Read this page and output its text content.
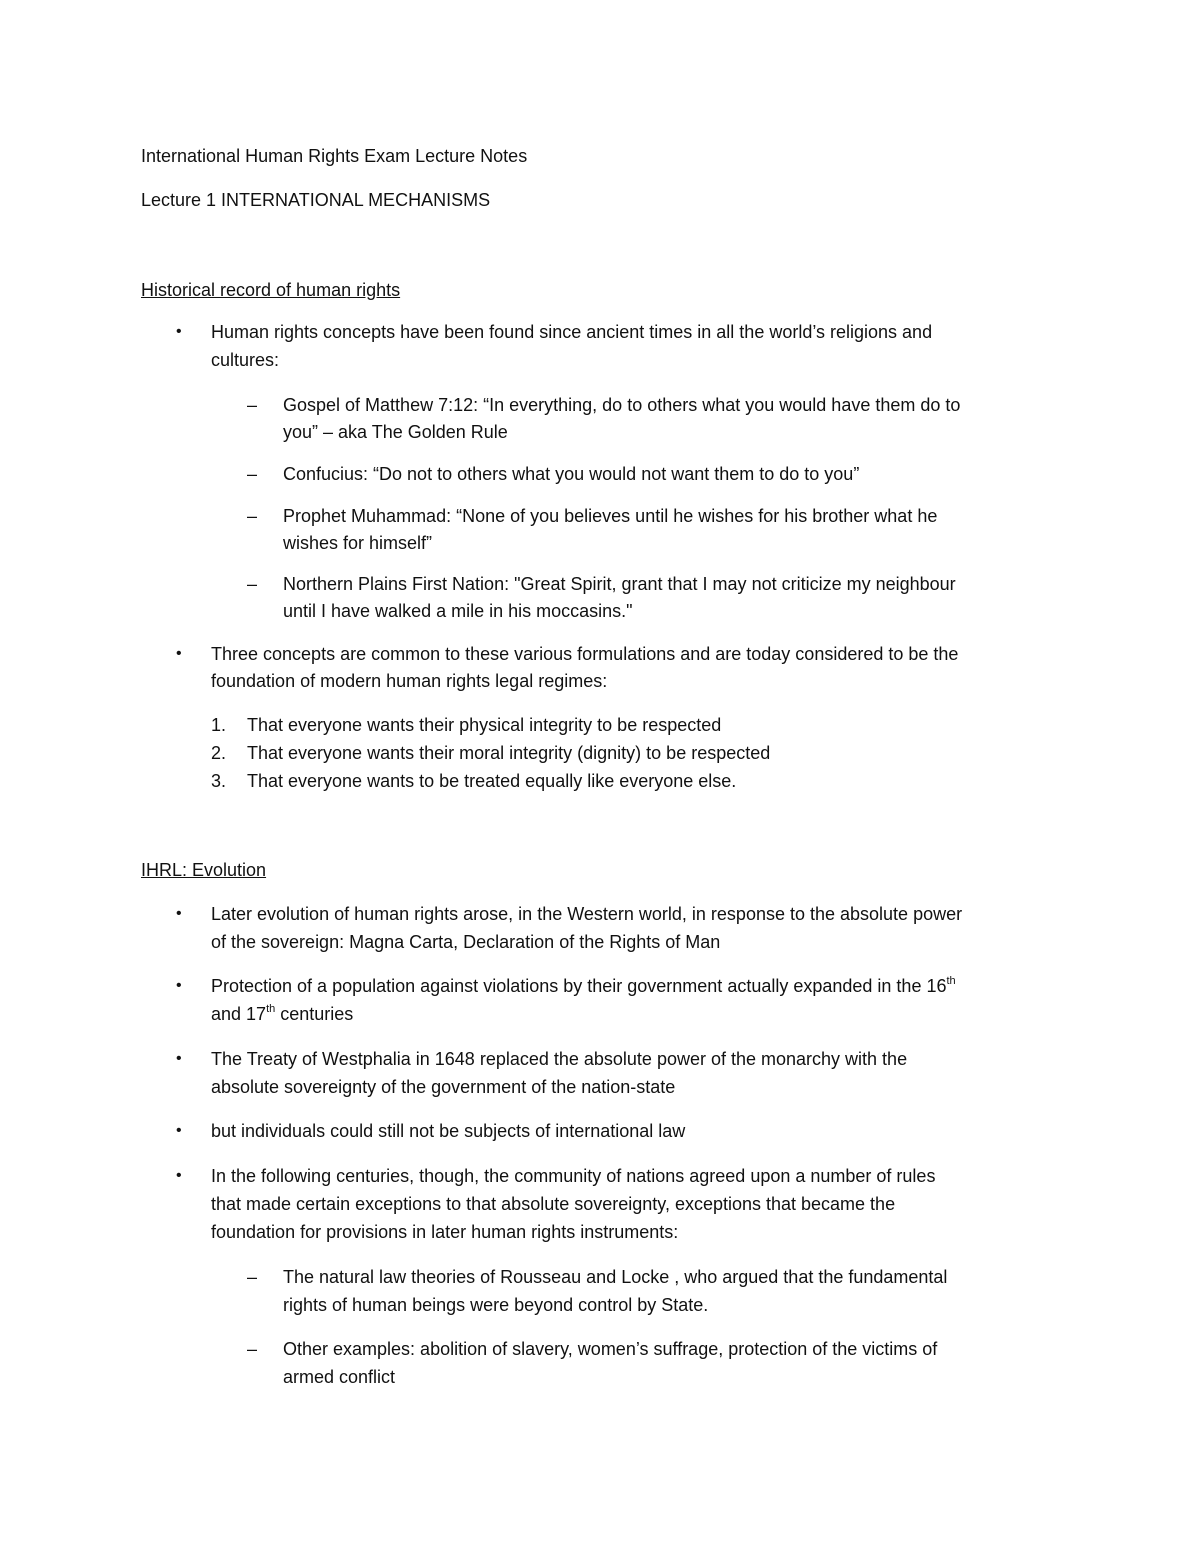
International Human Rights Exam Lecture Notes
Lecture 1 INTERNATIONAL MECHANISMS
Historical record of human rights
• Human rights concepts have been found since ancient times in all the world’s religions and
cultures:
– Gospel of Matthew 7:12: “In everything, do to others what you would have them do to
you” – aka The Golden Rule
– Confucius: “Do not to others what you would not want them to do to you”
– Prophet Muhammad: “None of you believes until he wishes for his brother what he
wishes for himself”
– Northern Plains First Nation: "Great Spirit, grant that I may not criticize my neighbour
until I have walked a mile in his moccasins."
• Three concepts are common to these various formulations and are today considered to be the
foundation of modern human rights legal regimes:
1. That everyone wants their physical integrity to be respected
2. That everyone wants their moral integrity (dignity) to be respected
3. That everyone wants to be treated equally like everyone else.
IHRL: Evolution
• Later evolution of human rights arose, in the Western world, in response to the absolute power
of the sovereign: Magna Carta, Declaration of the Rights of Man
• Protection of a population against violations by their government actually expanded in the 16th
and 17th centuries
• The Treaty of Westphalia in 1648 replaced the absolute power of the monarchy with the
absolute sovereignty of the government of the nation-state
• but individuals could still not be subjects of international law
• In the following centuries, though, the community of nations agreed upon a number of rules
that made certain exceptions to that absolute sovereignty, exceptions that became the
foundation for provisions in later human rights instruments:
– The natural law theories of Rousseau and Locke , who argued that the fundamental
rights of human beings were beyond control by State.
– Other examples: abolition of slavery, women’s suffrage, protection of the victims of
armed conflict
